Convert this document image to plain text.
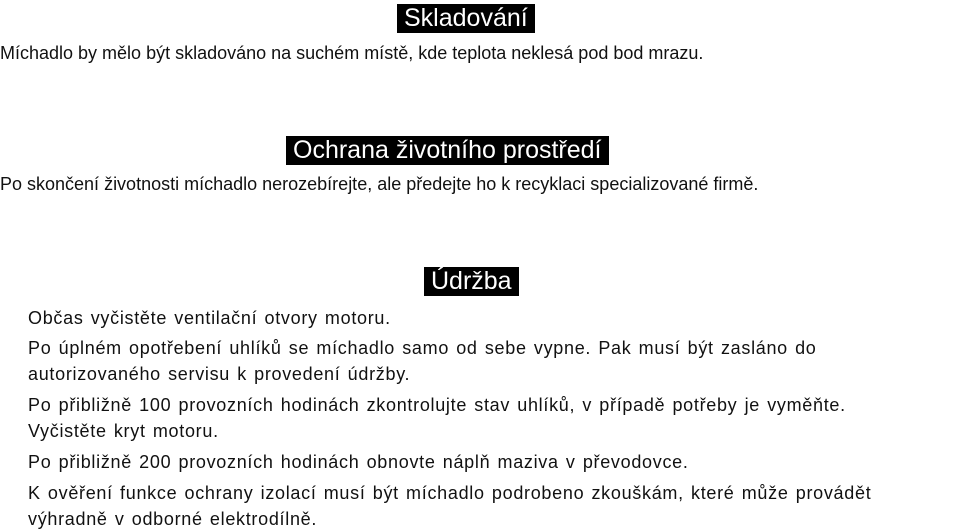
Skladování
Míchadlo by mělo být skladováno na suchém místě, kde teplota neklesá pod bod mrazu.
Ochrana životního prostředí
Po skončení životnosti míchadlo nerozebírejte, ale předejte ho k recyklaci specializované firmě.
Údržba
Občas vyčistěte ventilační otvory motoru.
Po úplném opotřebení uhlíků se míchadlo samo od sebe vypne. Pak musí být zasláno do
autorizovaného servisu k provedení údržby.
Po přibližně 100 provozních hodinách zkontrolujte stav uhlíků, v případě potřeby je vyměňte.
Vyčistěte kryt motoru.
Po přibližně 200 provozních hodinách obnovte náplň maziva v převodovce.
K ověření funkce ochrany izolací musí být míchadlo podrobeno zkouškám, které může provádět
výhradně v odborné elektrodílně.
